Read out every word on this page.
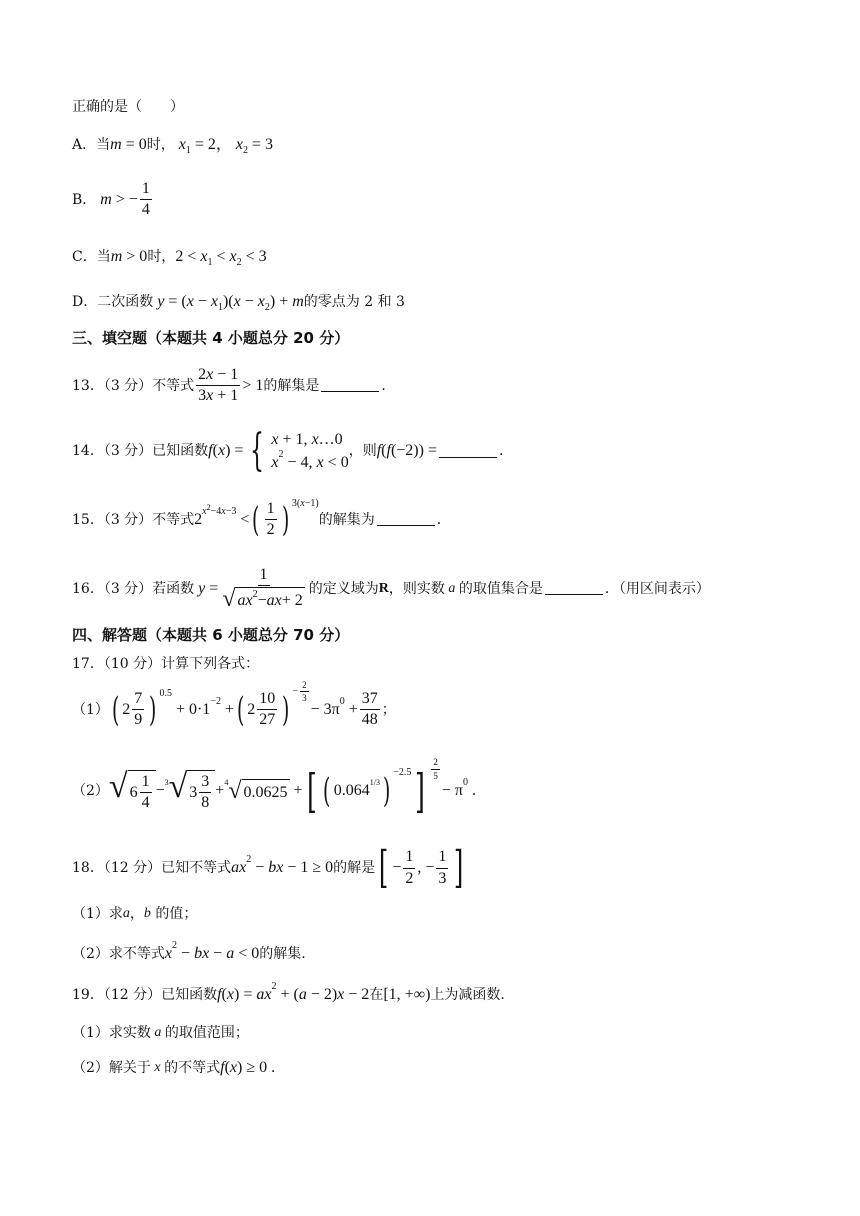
正确的是（　　）
A．当 m = 0 时， $x_1 = 2$， $x_2 = 3$
B． m > − $\frac{1}{4}$
C．当 m > 0 时， $2 < x_1 < x_2 < 3$
D．二次函数 $y = (x - x_1)(x - x_2) + m$ 的零点为 2 和 3
三、填空题（本题共 4 小题总分 20 分）
13．（3 分）不等式 $\frac{2x - 1}{3x + 1} > 1$ 的解集是	.
14．（3 分）已知函数 f(x) = { x + 1, x…0
$x^2 - 4$, x < 0
，则 f(f(−2)) =	.
15．（3 分）不等式 $2^{x^2-4x-3}$ < ( $\frac{1}{2}$ ) 3(x−1)
的解集为	.
16．（3 分）若函数 $y = \frac{1}{√ ax 2 - ax + 2}$ 的定义域为 R ，则实数 a 的取值集合是	．（用区间表示）
四、解答题（本题共 6 小题总分 70 分）
17．（10 分）计算下列各式：
（1） ( $2 \frac{7}{9}$ ) 0.5
+ $0\cdot 1^{-2}$ + ( $2 \frac{10}{27}$ ) − $\frac{2}{3}$
− $3\pi^0 + \frac{37}{48}$ ；
（2） √ $6 \frac{1}{4} -^3$ √ $3 \frac{3}{8} +^4$ √ 0.0625 + [ ( $0.064^{1/3}$ ) −2.5 ] $\frac{2}{5}$
− $\pi^0$ .
18．（12 分）已知不等式 $ax^2$ − bx − 1 ≥ 0 的解是 [ − $\frac{1}{2}$ , − $\frac{1}{3}$ ]
（1）求 a ， b
的值；
（2）求不等式 $x^2$ − bx − a < 0 的解集.
19．（12 分）已知函数 $f(x) = ax^2 + (a - 2)x - 2$ 在 [1, +∞) 上为减函数.
（1）求实数 a 的取值范围；
（2）解关于 x 的不等式 f(x) ≥ 0 .
